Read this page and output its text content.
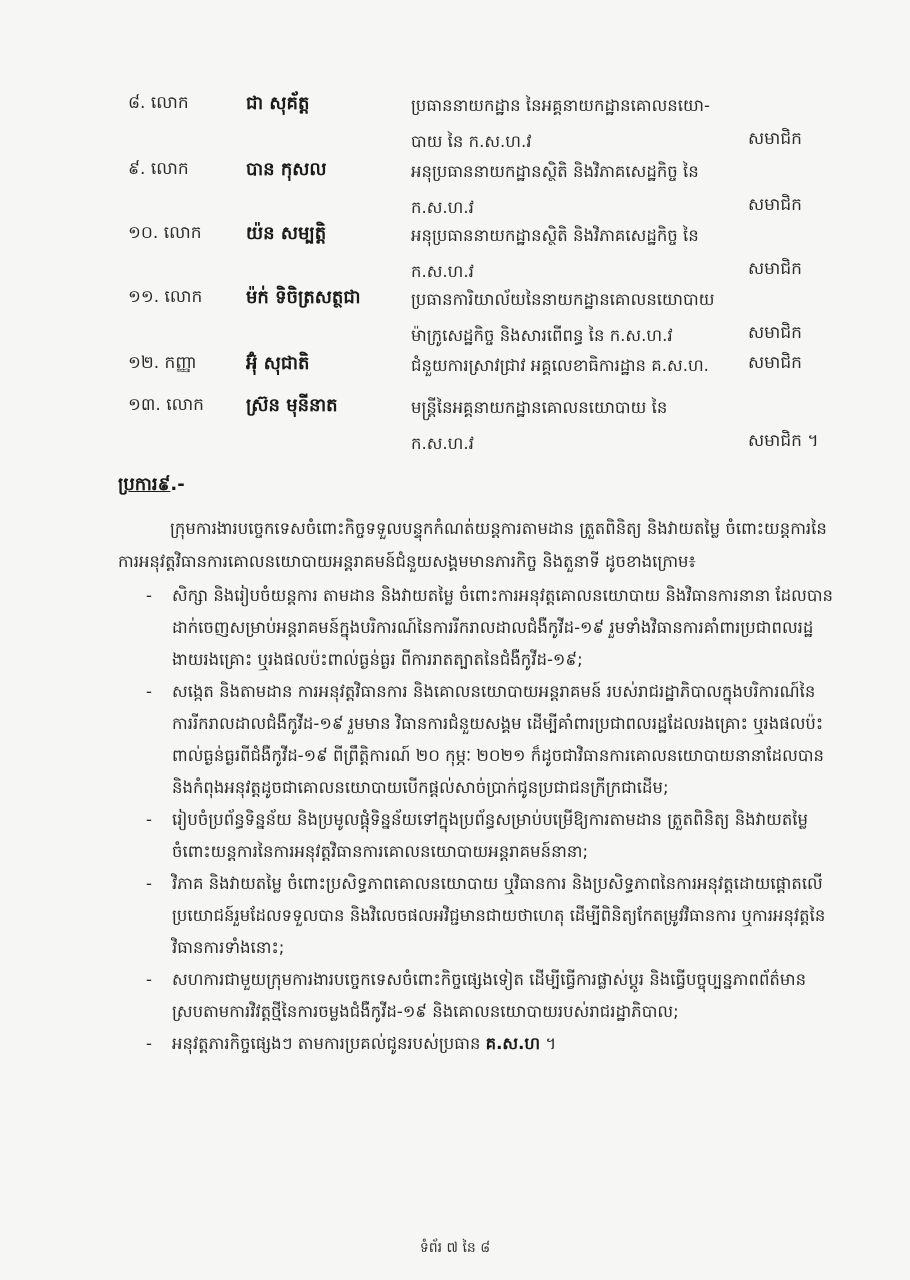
៨. លោក	ជា សុគ័ត្ត	ប្រធាននាយកដ្ឋាន នៃអគ្គនាយកដ្ឋានគោលនយោ-
បាយ នៃ ក.ស.ហ.វ	សមាជិក
៩. លោក	បាន កុសល	អនុប្រធាននាយកដ្ឋានស្ថិតិ និងវិភាគសេដ្ឋកិច្ច នៃ
ក.ស.ហ.វ	សមាជិក
១០. លោក	យ៉ន សម្បត្តិ	អនុប្រធាននាយកដ្ឋានស្ថិតិ និងវិភាគសេដ្ឋកិច្ច នៃ
ក.ស.ហ.វ	សមាជិក
១១. លោក	ម៉ក់ ទិចិត្រសត្ថជា	ប្រធានការិយាល័យនៃនាយកដ្ឋានគោលនយោបាយ
ម៉ាក្រូសេដ្ឋកិច្ច និងសារពើពន្ធ នៃ ក.ស.ហ.វ	សមាជិក
១២. កញ្ញា	អ៊ុំ សុជាតិ	ជំនួយការស្រាវជ្រាវ អគ្គលេខាធិការដ្ឋាន គ.ស.ហ.	សមាជិក
១៣. លោក	ស្រ៊ន មុនីនាត	មន្ត្រីនៃអគ្គនាយកដ្ឋានគោលនយោបាយ នៃ
ក.ស.ហ.វ	សមាជិក ។
ប្រការ៩.-
ក្រុមការងារបច្ចេកទេសចំពោះកិច្ចទទួលបន្ទុកកំណត់យន្តការតាមដាន ត្រួតពិនិត្យ និងវាយតម្លៃ ចំពោះយន្តការនៃការអនុវត្តវិធានការគោលនយោបាយអន្តរាគមន៍ជំនួយសង្គមមានភារកិច្ច និងតួនាទី ដូចខាងក្រោម៖
- សិក្សា និងរៀបចំយន្តការ តាមដាន និងវាយតម្លៃ ចំពោះការអនុវត្តគោលនយោបាយ និងវិធានការនានា ដែលបានដាក់ចេញសម្រាប់អន្តរាគមន៍ក្នុងបរិការណ៍នៃការរីករាលដាលជំងឺកូវីដ-១៩ រួមទាំងវិធានការគាំពារប្រជាពលរដ្ឋងាយរងគ្រោះ ឬរងផលប៉ះពាល់ធ្ងន់ធ្ងរ ពីការរាតត្បាតនៃជំងឺកូវីដ-១៩;
- សង្កេត និងតាមដាន ការអនុវត្តវិធានការ និងគោលនយោបាយអន្តរាគមន៍ របស់រាជរដ្ឋាភិបាលក្នុងបរិការណ៍នៃការរីករាលដាលជំងឺកូវីដ-១៩ រួមមាន វិធានការជំនួយសង្គម ដើម្បីគាំពារប្រជាពលរដ្ឋដែលរងគ្រោះ ឬរងផលប៉ះពាល់ធ្ងន់ធ្ងរពីជំងឺកូវីដ-១៩ ពីព្រឹត្តិការណ៍ ២០ កុម្ភៈ ២០២១ ក៏ដូចជាវិធានការគោលនយោបាយនានាដែលបាន និងកំពុងអនុវត្តដូចជាគោលនយោបាយបើកផ្តល់សាច់ប្រាក់ជូនប្រជាជនក្រីក្រជាដើម;
- រៀបចំប្រព័ន្ធទិន្នន័យ និងប្រមូលផ្តុំទិន្នន័យទៅក្នុងប្រព័ន្ធសម្រាប់បម្រើឱ្យការតាមដាន ត្រួតពិនិត្យ និងវាយតម្លៃចំពោះយន្តការនៃការអនុវត្តវិធានការគោលនយោបាយអន្តរាគមន៍នានា;
- វិភាគ និងវាយតម្លៃ ចំពោះប្រសិទ្ធភាពគោលនយោបាយ ឬវិធានការ និងប្រសិទ្ធភាពនៃការអនុវត្តដោយផ្តោតលើប្រយោជន៍រួមដែលទទួលបាន និងវិលេចផលអវិជ្ជមានជាយថាហេតុ ដើម្បីពិនិត្យកែតម្រូវវិធានការ ឬការអនុវត្តនៃវិធានការទាំងនោះ;
- សហការជាមួយក្រុមការងារបច្ចេកទេសចំពោះកិច្ចផ្សេងទៀត ដើម្បីធ្វើការផ្លាស់ប្តូរ និងធ្វើបច្ចុប្បន្នភាពព័ត៌មាន ស្របតាមការវិវត្តថ្មីនៃការចម្លងជំងឺកូវីដ-១៩ និងគោលនយោបាយរបស់រាជរដ្ឋាភិបាល;
- អនុវត្តភារកិច្ចផ្សេងៗ តាមការប្រគល់ជូនរបស់ប្រធាន គ.ស.ហ ។
ទំព័រ ៧ នៃ ៨
